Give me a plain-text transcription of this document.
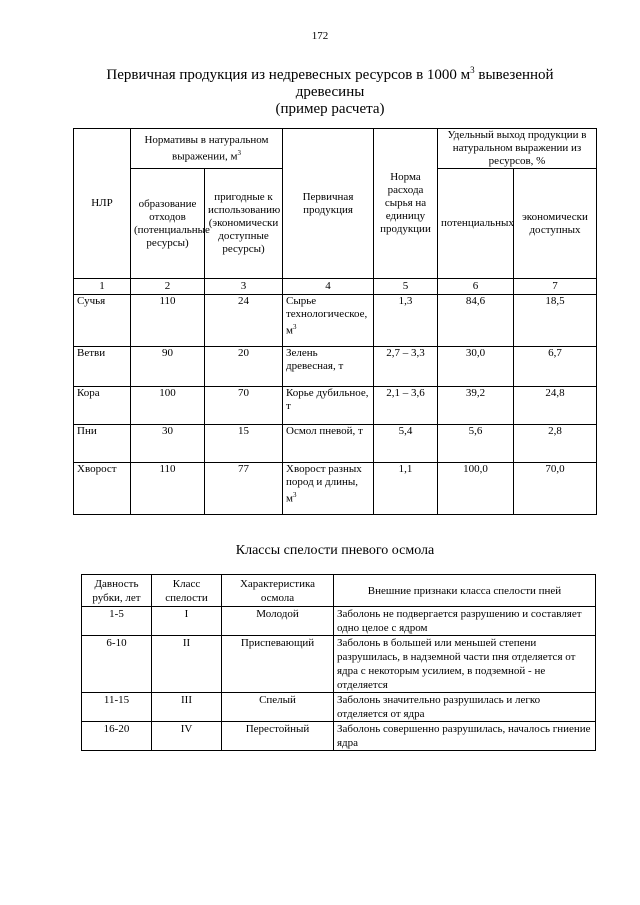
172
Первичная продукция из недревесных ресурсов в 1000 $м^3$ вывезенной
древесины
(пример расчета)
НЛР	Нормативы в натуральном выражении, $м^3$		Первичная продукция	Норма расхода сырья на единицу продукции	Удельный выход продукции в натуральном выражении из ресурсов, %	
	образование отходов (потенциальные ресурсы)	пригодные к использованию (экономически доступные ресурсы)			потенциальных	экономически доступных
1	2	3	4	5	6	7
Сучья	110	24	Сырье технологическое, $м^3$	1,3	84,6	18,5
Ветви	90	20	Зелень древесная, т	2,7 – 3,3	30,0	6,7
Кора	100	70	Корье дубильное, т	2,1 – 3,6	39,2	24,8
Пни	30	15	Осмол пневой, т	5,4	5,6	2,8
Хворост	110	77	Хворост разных пород и длины, $м^3$	1,1	100,0	70,0
Классы спелости пневого осмола
Давность рубки, лет	Класс спелости	Характеристика осмола	Внешние признаки класса спелости пней
1-5	I	Молодой	Заболонь не подвергается разрушению и составляет одно целое с ядром
6-10	II	Приспевающий	Заболонь в большей или меньшей степени разрушилась, в надземной части пня отделяется от ядра с некоторым усилием, в подземной - не отделяется
11-15	III	Спелый	Заболонь значительно разрушилась и легко отделяется от ядра
16-20	IV	Перестойный	Заболонь совершенно разрушилась, началось гниение ядра
